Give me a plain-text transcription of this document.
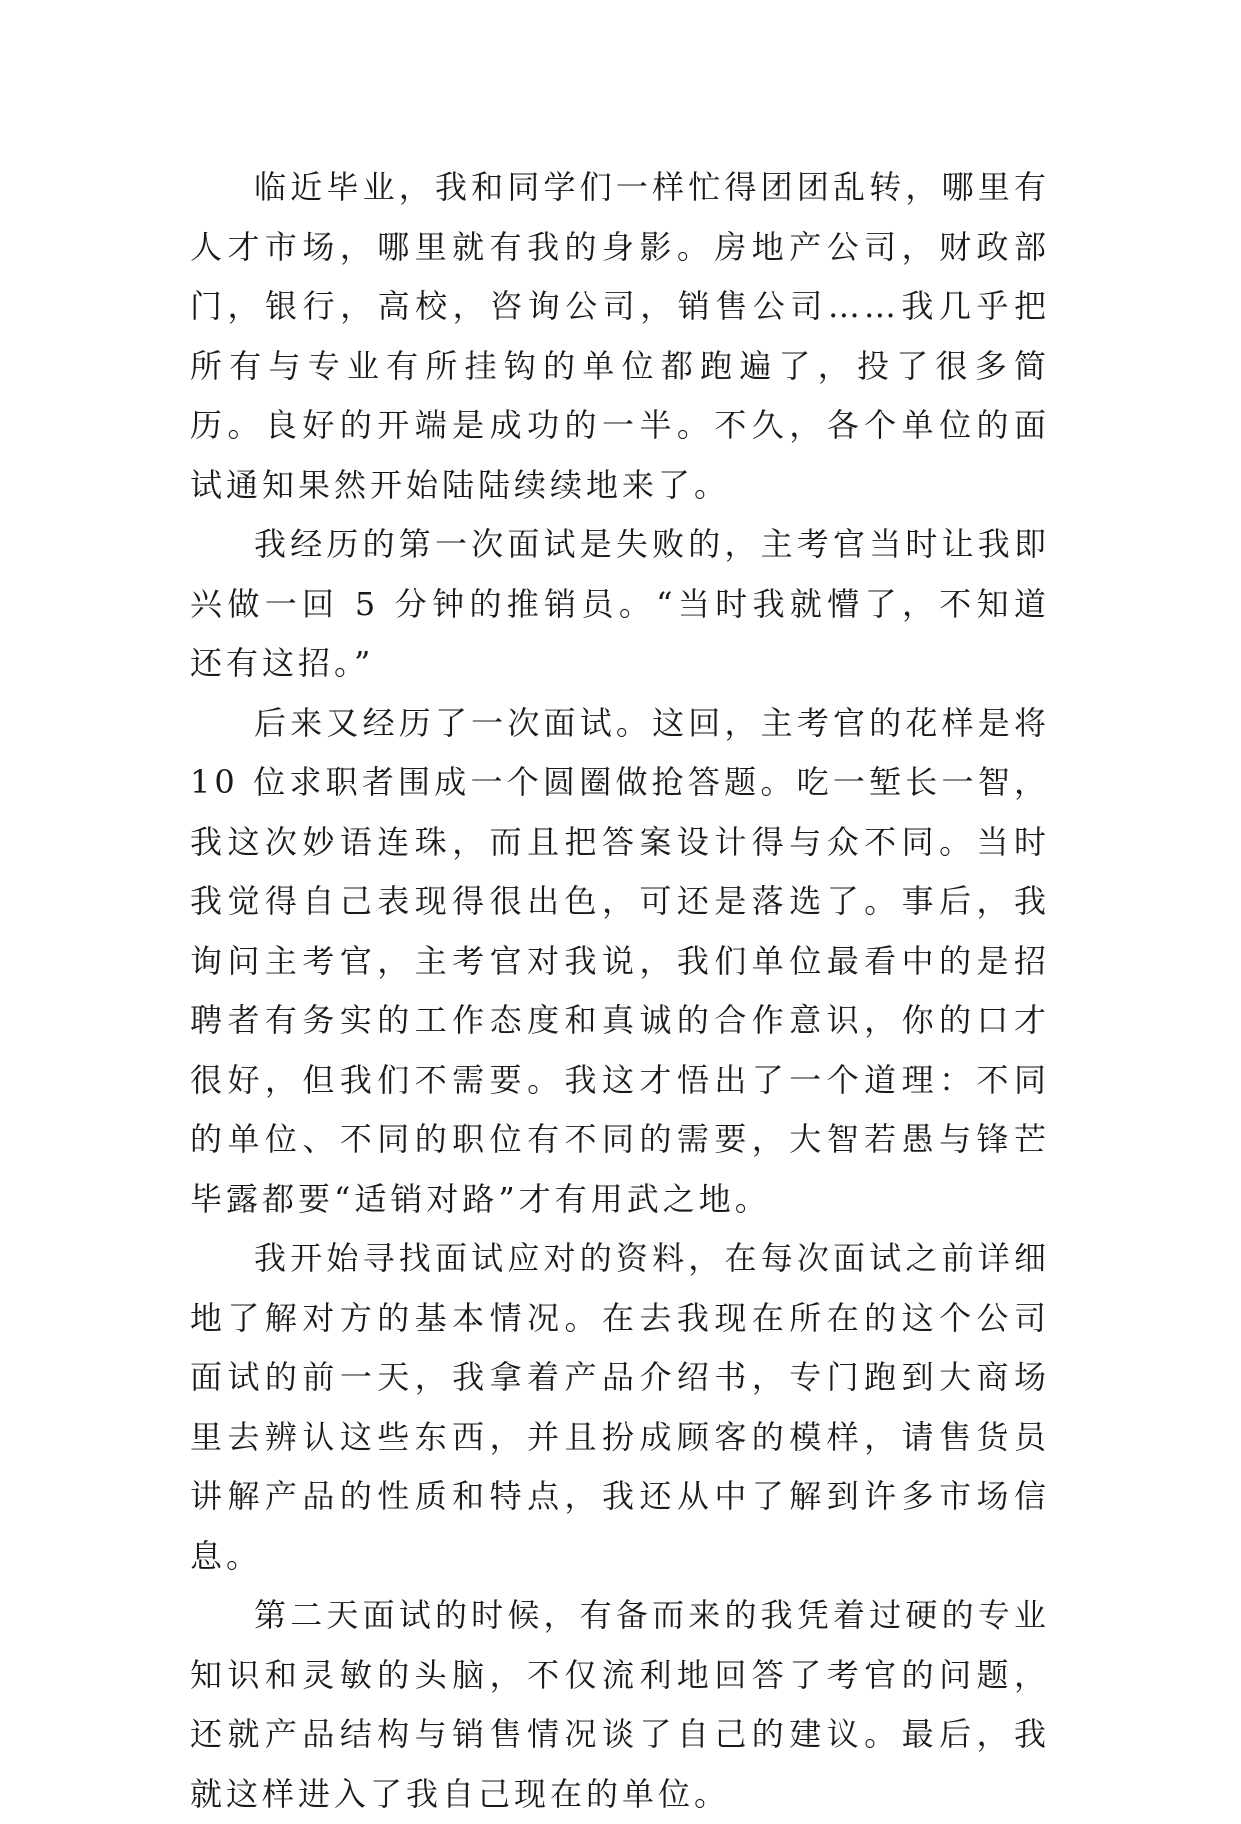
临近毕业，我和同学们一样忙得团团乱转，哪里有人才市场，哪里就有我的身影。房地产公司，财政部门，银行，高校，咨询公司，销售公司……我几乎把所有与专业有所挂钩的单位都跑遍了，投了很多简历。良好的开端是成功的一半。不久，各个单位的面试通知果然开始陆陆续续地来了。

我经历的第一次面试是失败的，主考官当时让我即兴做一回 5 分钟的推销员。“当时我就懵了，不知道还有这招。”

后来又经历了一次面试。这回，主考官的花样是将 10 位求职者围成一个圆圈做抢答题。吃一堑长一智，我这次妙语连珠，而且把答案设计得与众不同。当时我觉得自己表现得很出色，可还是落选了。事后，我询问主考官，主考官对我说，我们单位最看中的是招聘者有务实的工作态度和真诚的合作意识，你的口才很好，但我们不需要。我这才悟出了一个道理：不同的单位、不同的职位有不同的需要，大智若愚与锋芒毕露都要“适销对路”才有用武之地。

我开始寻找面试应对的资料，在每次面试之前详细地了解对方的基本情况。在去我现在所在的这个公司面试的前一天，我拿着产品介绍书，专门跑到大商场里去辨认这些东西，并且扮成顾客的模样，请售货员讲解产品的性质和特点，我还从中了解到许多市场信息。

第二天面试的时候，有备而来的我凭着过硬的专业知识和灵敏的头脑，不仅流利地回答了考官的问题，还就产品结构与销售情况谈了自己的建议。最后，我就这样进入了我自己现在的单位。
